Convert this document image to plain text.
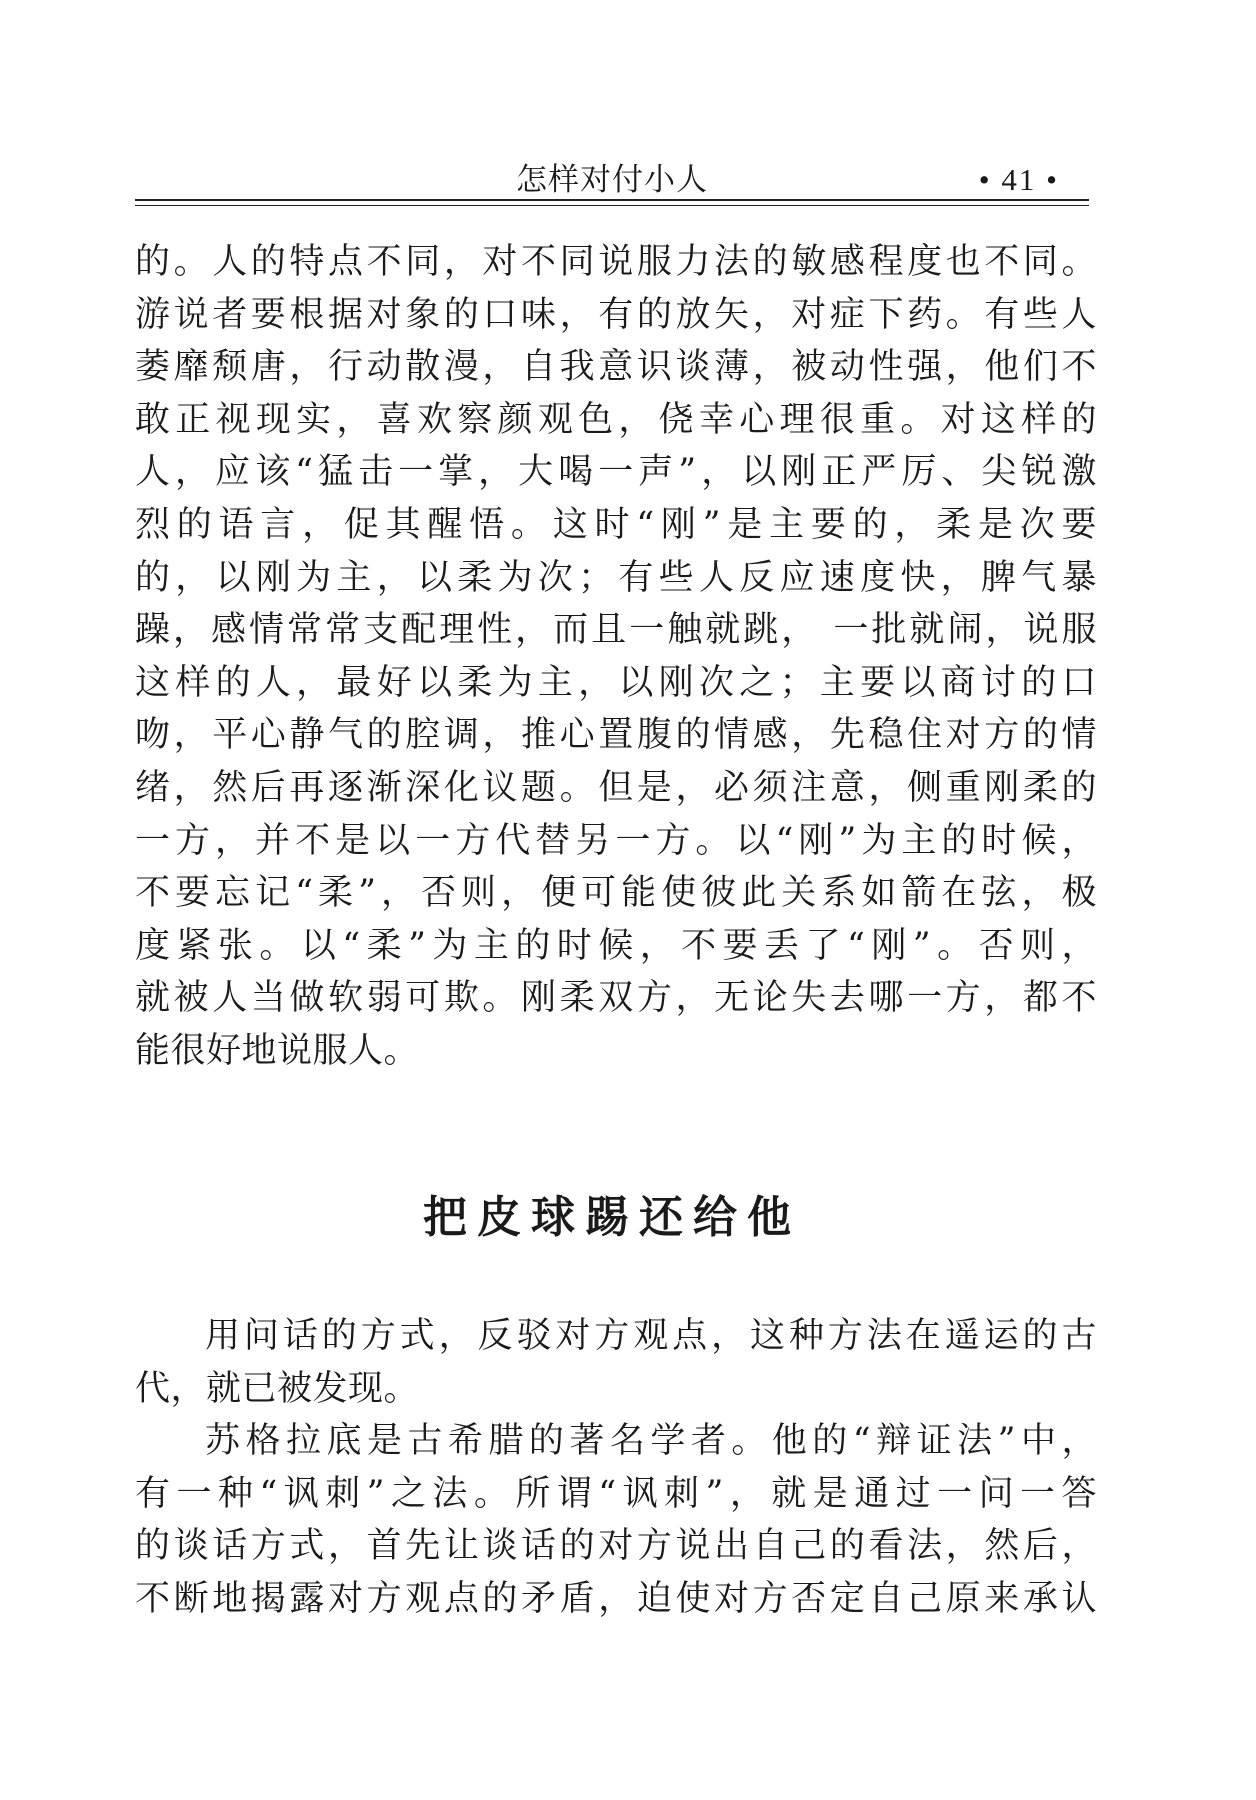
怎样对付小人	• 41 •
的。人的特点不同，对不同说服力法的敏感程度也不同。
游说者要根据对象的口味，有的放矢，对症下药。有些人
萎靡颓唐，行动散漫，自我意识谈薄，被动性强，他们不
敢正视现实，喜欢察颜观色，侥幸心理很重。对这样的
人，应该“猛击一掌，大喝一声”，以刚正严厉、尖锐激
烈的语言，促其醒悟。这时“刚”是主要的，柔是次要
的，以刚为主，以柔为次；有些人反应速度快，脾气暴
躁，感情常常支配理性，而且一触就跳， 一批就闹，说服
这样的人，最好以柔为主，以刚次之；主要以商讨的口
吻，平心静气的腔调，推心置腹的情感，先稳住对方的情
绪，然后再逐渐深化议题。但是，必须注意，侧重刚柔的
一方，并不是以一方代替另一方。以“刚”为主的时候，
不要忘记“柔”，否则，便可能使彼此关系如箭在弦，极
度紧张。以“柔”为主的时候，不要丢了“刚”。否则，
就被人当做软弱可欺。刚柔双方，无论失去哪一方，都不
能很好地说服人。
把皮球踢还给他
用问话的方式，反驳对方观点，这种方法在遥运的古
代，就已被发现。
苏格拉底是古希腊的著名学者。他的“辩证法”中，
有一种“讽刺”之法。所谓“讽刺”，就是通过一问一答
的谈话方式，首先让谈话的对方说出自己的看法，然后，
不断地揭露对方观点的矛盾，迫使对方否定自己原来承认
